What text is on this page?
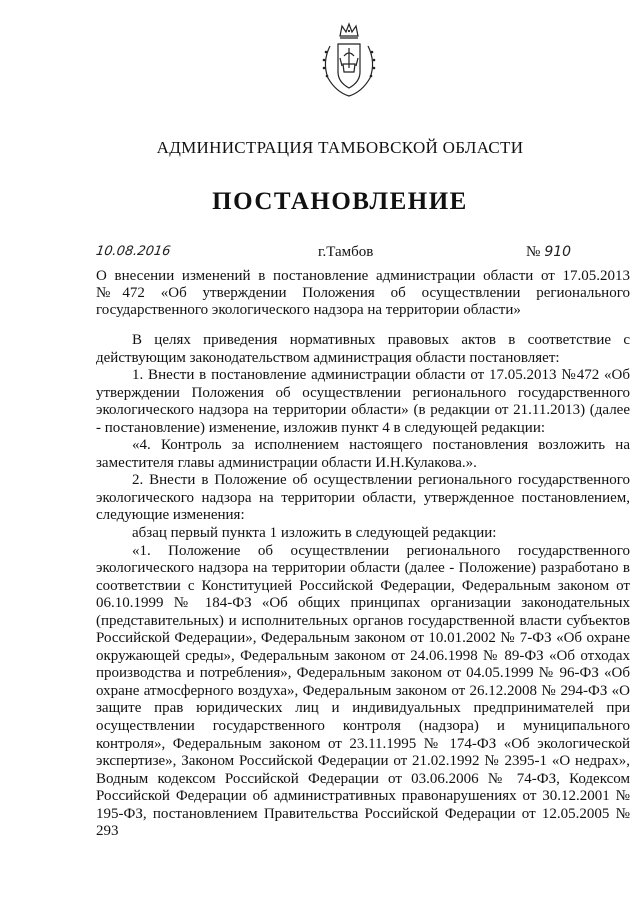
АДМИНИСТРАЦИЯ ТАМБОВСКОЙ ОБЛАСТИ
ПОСТАНОВЛЕНИЕ
10.08.2016	г.Тамбов	№ 910
О внесении изменений в постановление администрации области от 17.05.2013 №472 «Об утверждении Положения об осуществлении регионального государственного экологического надзора на территории области»

В целях приведения нормативных правовых актов в соответствие с действующим законодательством администрация области постановляет:

1. Внести в постановление администрации области от 17.05.2013 №472 «Об утверждении Положения об осуществлении регионального государственного экологического надзора на территории области» (в редакции от 21.11.2013) (далее - постановление) изменение, изложив пункт 4 в следующей редакции:

«4. Контроль за исполнением настоящего постановления возложить на заместителя главы администрации области И.Н.Кулакова.».

2. Внести в Положение об осуществлении регионального государственного экологического надзора на территории области, утвержденное постановлением, следующие изменения:

абзац первый пункта 1 изложить в следующей редакции:

«1. Положение об осуществлении регионального государственного экологического надзора на территории области (далее - Положение) разработано в соответствии с Конституцией Российской Федерации, Федеральным законом от 06.10.1999 № 184-ФЗ «Об общих принципах организации законодательных (представительных) и исполнительных органов государственной власти субъектов Российской Федерации», Федеральным законом от 10.01.2002 № 7-ФЗ «Об охране окружающей среды», Федеральным законом от 24.06.1998 № 89-ФЗ «Об отходах производства и потребления», Федеральным законом от 04.05.1999 № 96-ФЗ «Об охране атмосферного воздуха», Федеральным законом от 26.12.2008 № 294-ФЗ «О защите прав юридических лиц и индивидуальных предпринимателей при осуществлении государственного контроля (надзора) и муниципального контроля», Федеральным законом от 23.11.1995 № 174-ФЗ «Об экологической экспертизе», Законом Российской Федерации от 21.02.1992 № 2395-1 «О недрах», Водным кодексом Российской Федерации от 03.06.2006 № 74-ФЗ, Кодексом Российской Федерации об административных правонарушениях от 30.12.2001 № 195-ФЗ, постановлением Правительства Российской Федерации от 12.05.2005 № 293
